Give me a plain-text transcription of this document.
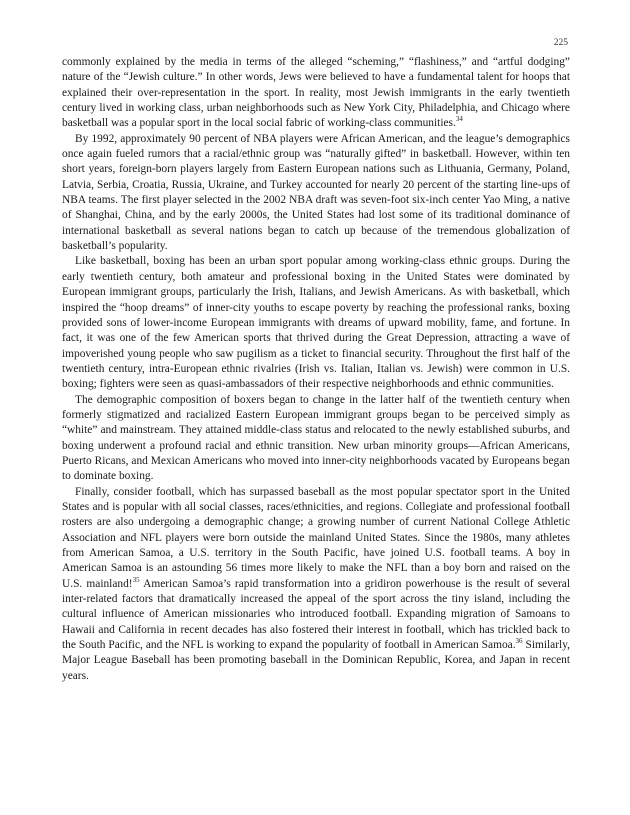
225

commonly explained by the media in terms of the alleged “scheming,” “flashiness,” and “artful dodging” nature of the “Jewish culture.” In other words, Jews were believed to have a fundamental talent for hoops that explained their over-representation in the sport. In reality, most Jewish immigrants in the early twentieth century lived in working class, urban neighborhoods such as New York City, Philadelphia, and Chicago where basketball was a popular sport in the local social fabric of working-class communities.$^{34}$

By 1992, approximately 90 percent of NBA players were African American, and the league’s demographics once again fueled rumors that a racial/ethnic group was “naturally gifted” in basketball. However, within ten short years, foreign-born players largely from Eastern European nations such as Lithuania, Germany, Poland, Latvia, Serbia, Croatia, Russia, Ukraine, and Turkey accounted for nearly 20 percent of the starting line-ups of NBA teams. The first player selected in the 2002 NBA draft was seven-foot six-inch center Yao Ming, a native of Shanghai, China, and by the early 2000s, the United States had lost some of its traditional dominance of international basketball as several nations began to catch up because of the tremendous globalization of basketball’s popularity.

Like basketball, boxing has been an urban sport popular among working-class ethnic groups. During the early twentieth century, both amateur and professional boxing in the United States were dominated by European immigrant groups, particularly the Irish, Italians, and Jewish Americans. As with basketball, which inspired the “hoop dreams” of inner-city youths to escape poverty by reaching the professional ranks, boxing provided sons of lower-income European immigrants with dreams of upward mobility, fame, and fortune. In fact, it was one of the few American sports that thrived during the Great Depression, attracting a wave of impoverished young people who saw pugilism as a ticket to financial security. Throughout the first half of the twentieth century, intra-European ethnic rivalries (Irish vs. Italian, Italian vs. Jewish) were common in U.S. boxing; fighters were seen as quasi-ambassadors of their respective neighborhoods and ethnic communities.

The demographic composition of boxers began to change in the latter half of the twentieth century when formerly stigmatized and racialized Eastern European immigrant groups began to be perceived simply as “white” and mainstream. They attained middle-class status and relocated to the newly established suburbs, and boxing underwent a profound racial and ethnic transition. New urban minority groups—African Americans, Puerto Ricans, and Mexican Americans who moved into inner-city neighborhoods vacated by Europeans began to dominate boxing.

Finally, consider football, which has surpassed baseball as the most popular spectator sport in the United States and is popular with all social classes, races/ethnicities, and regions. Collegiate and professional football rosters are also undergoing a demographic change; a growing number of current National College Athletic Association and NFL players were born outside the mainland United States. Since the 1980s, many athletes from American Samoa, a U.S. territory in the South Pacific, have joined U.S. football teams. A boy in American Samoa is an astounding 56 times more likely to make the NFL than a boy born and raised on the U.S. mainland!$^{35}$ American Samoa’s rapid transformation into a gridiron powerhouse is the result of several inter-related factors that dramatically increased the appeal of the sport across the tiny island, including the cultural influence of American missionaries who introduced football. Expanding migration of Samoans to Hawaii and California in recent decades has also fostered their interest in football, which has trickled back to the South Pacific, and the NFL is working to expand the popularity of football in American Samoa.$^{36}$ Similarly, Major League Baseball has been promoting baseball in the Dominican Republic, Korea, and Japan in recent years.
